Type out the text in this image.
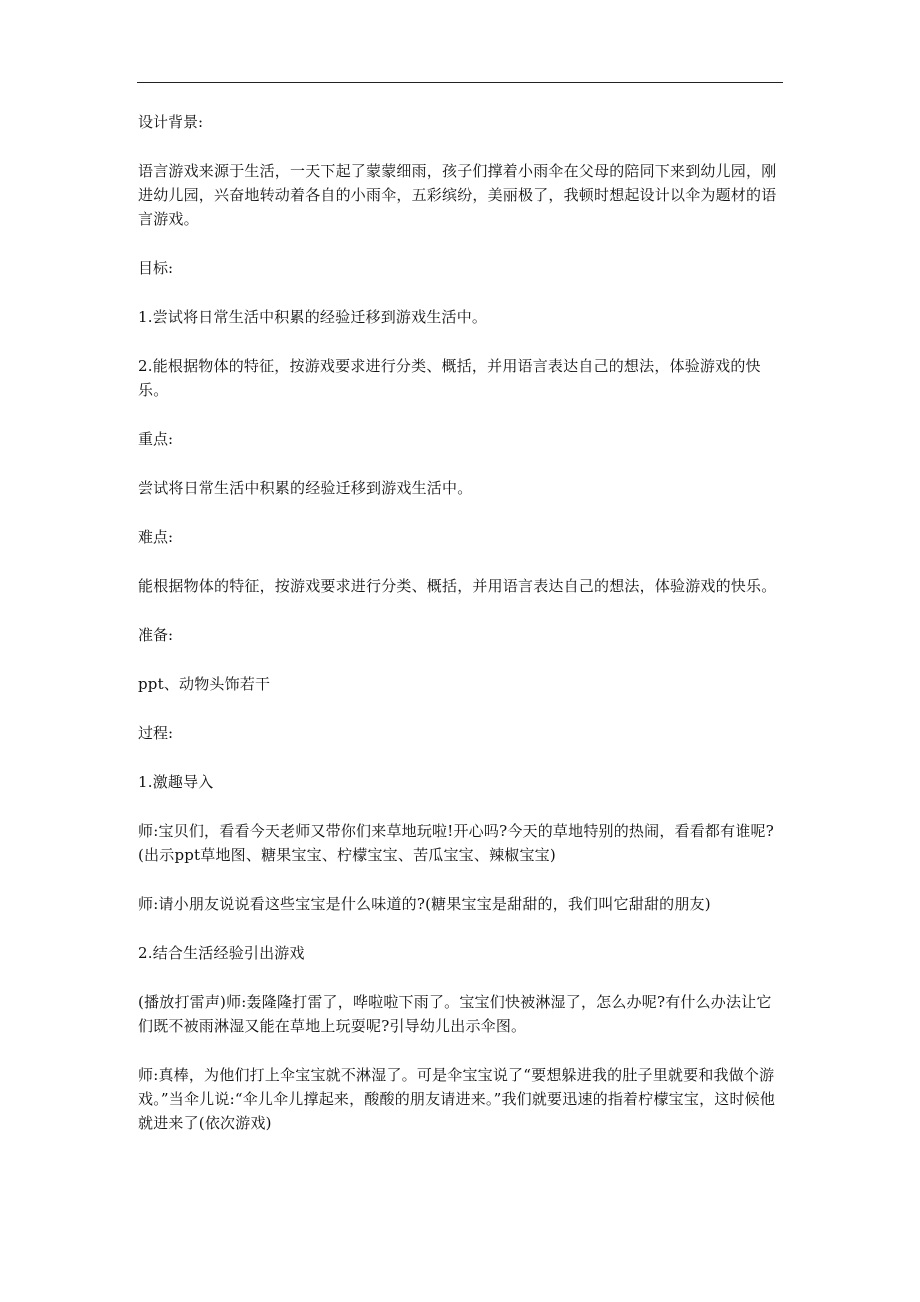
设计背景:

语言游戏来源于生活，一天下起了蒙蒙细雨，孩子们撑着小雨伞在父母的陪同下来到幼儿园，刚进幼儿园，兴奋地转动着各自的小雨伞，五彩缤纷，美丽极了，我顿时想起设计以伞为题材的语言游戏。

目标:

1.尝试将日常生活中积累的经验迁移到游戏生活中。

2.能根据物体的特征，按游戏要求进行分类、概括，并用语言表达自己的想法，体验游戏的快乐。

重点:

尝试将日常生活中积累的经验迁移到游戏生活中。

难点:

能根据物体的特征，按游戏要求进行分类、概括，并用语言表达自己的想法，体验游戏的快乐。

准备:

ppt、动物头饰若干

过程:

1.激趣导入

师:宝贝们，看看今天老师又带你们来草地玩啦!开心吗?今天的草地特别的热闹，看看都有谁呢?(出示ppt草地图、糖果宝宝、柠檬宝宝、苦瓜宝宝、辣椒宝宝)

师:请小朋友说说看这些宝宝是什么味道的?(糖果宝宝是甜甜的，我们叫它甜甜的朋友)

2.结合生活经验引出游戏

(播放打雷声)师:轰隆隆打雷了，哗啦啦下雨了。宝宝们快被淋湿了，怎么办呢?有什么办法让它们既不被雨淋湿又能在草地上玩耍呢?引导幼儿出示伞图。

师:真棒，为他们打上伞宝宝就不淋湿了。可是伞宝宝说了“要想躲进我的肚子里就要和我做个游戏。”当伞儿说:“伞儿伞儿撑起来，酸酸的朋友请进来。”我们就要迅速的指着柠檬宝宝，这时候他就进来了(依次游戏)
